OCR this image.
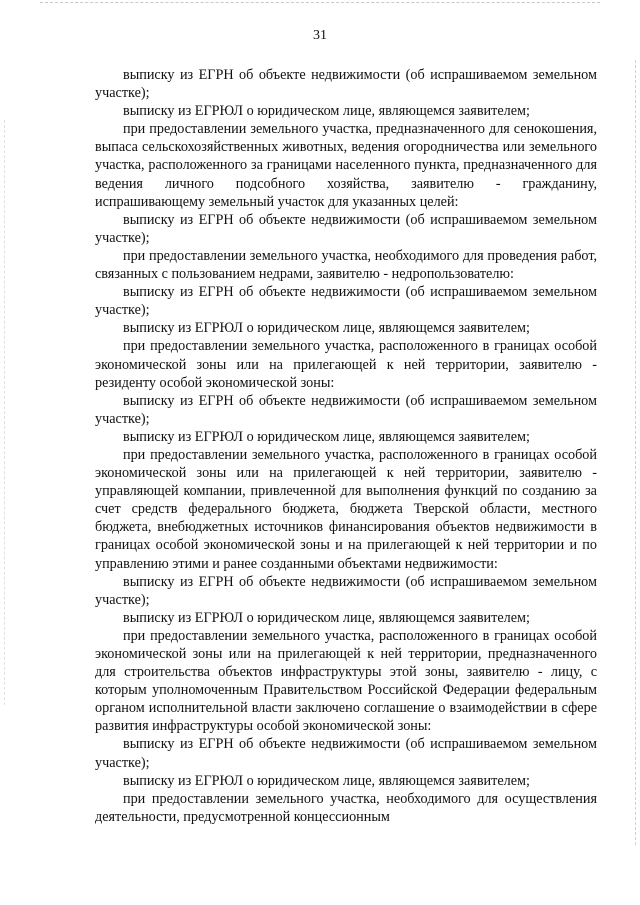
31

выписку из ЕГРН об объекте недвижимости (об испрашиваемом земельном участке);

выписку из ЕГРЮЛ о юридическом лице, являющемся заявителем;

при предоставлении земельного участка, предназначенного для сенокошения, выпаса сельскохозяйственных животных, ведения огородничества или земельного участка, расположенного за границами населенного пункта, предназначенного для ведения личного подсобного хозяйства, заявителю - гражданину, испрашивающему земельный участок для указанных целей:

выписку из ЕГРН об объекте недвижимости (об испрашиваемом земельном участке);

при предоставлении земельного участка, необходимого для проведения работ, связанных с пользованием недрами, заявителю - недропользователю:

выписку из ЕГРН об объекте недвижимости (об испрашиваемом земельном участке);

выписку из ЕГРЮЛ о юридическом лице, являющемся заявителем;

при предоставлении земельного участка, расположенного в границах особой экономической зоны или на прилегающей к ней территории, заявителю - резиденту особой экономической зоны:

выписку из ЕГРН об объекте недвижимости (об испрашиваемом земельном участке);

выписку из ЕГРЮЛ о юридическом лице, являющемся заявителем;

при предоставлении земельного участка, расположенного в границах особой экономической зоны или на прилегающей к ней территории, заявителю - управляющей компании, привлеченной для выполнения функций по созданию за счет средств федерального бюджета, бюджета Тверской области, местного бюджета, внебюджетных источников финансирования объектов недвижимости в границах особой экономической зоны и на прилегающей к ней территории и по управлению этими и ранее созданными объектами недвижимости:

выписку из ЕГРН об объекте недвижимости (об испрашиваемом земельном участке);

выписку из ЕГРЮЛ о юридическом лице, являющемся заявителем;

при предоставлении земельного участка, расположенного в границах особой экономической зоны или на прилегающей к ней территории, предназначенного для строительства объектов инфраструктуры этой зоны, заявителю - лицу, с которым уполномоченным Правительством Российской Федерации федеральным органом исполнительной власти заключено соглашение о взаимодействии в сфере развития инфраструктуры особой экономической зоны:

выписку из ЕГРН об объекте недвижимости (об испрашиваемом земельном участке);

выписку из ЕГРЮЛ о юридическом лице, являющемся заявителем;

при предоставлении земельного участка, необходимого для осуществления деятельности, предусмотренной концессионным
